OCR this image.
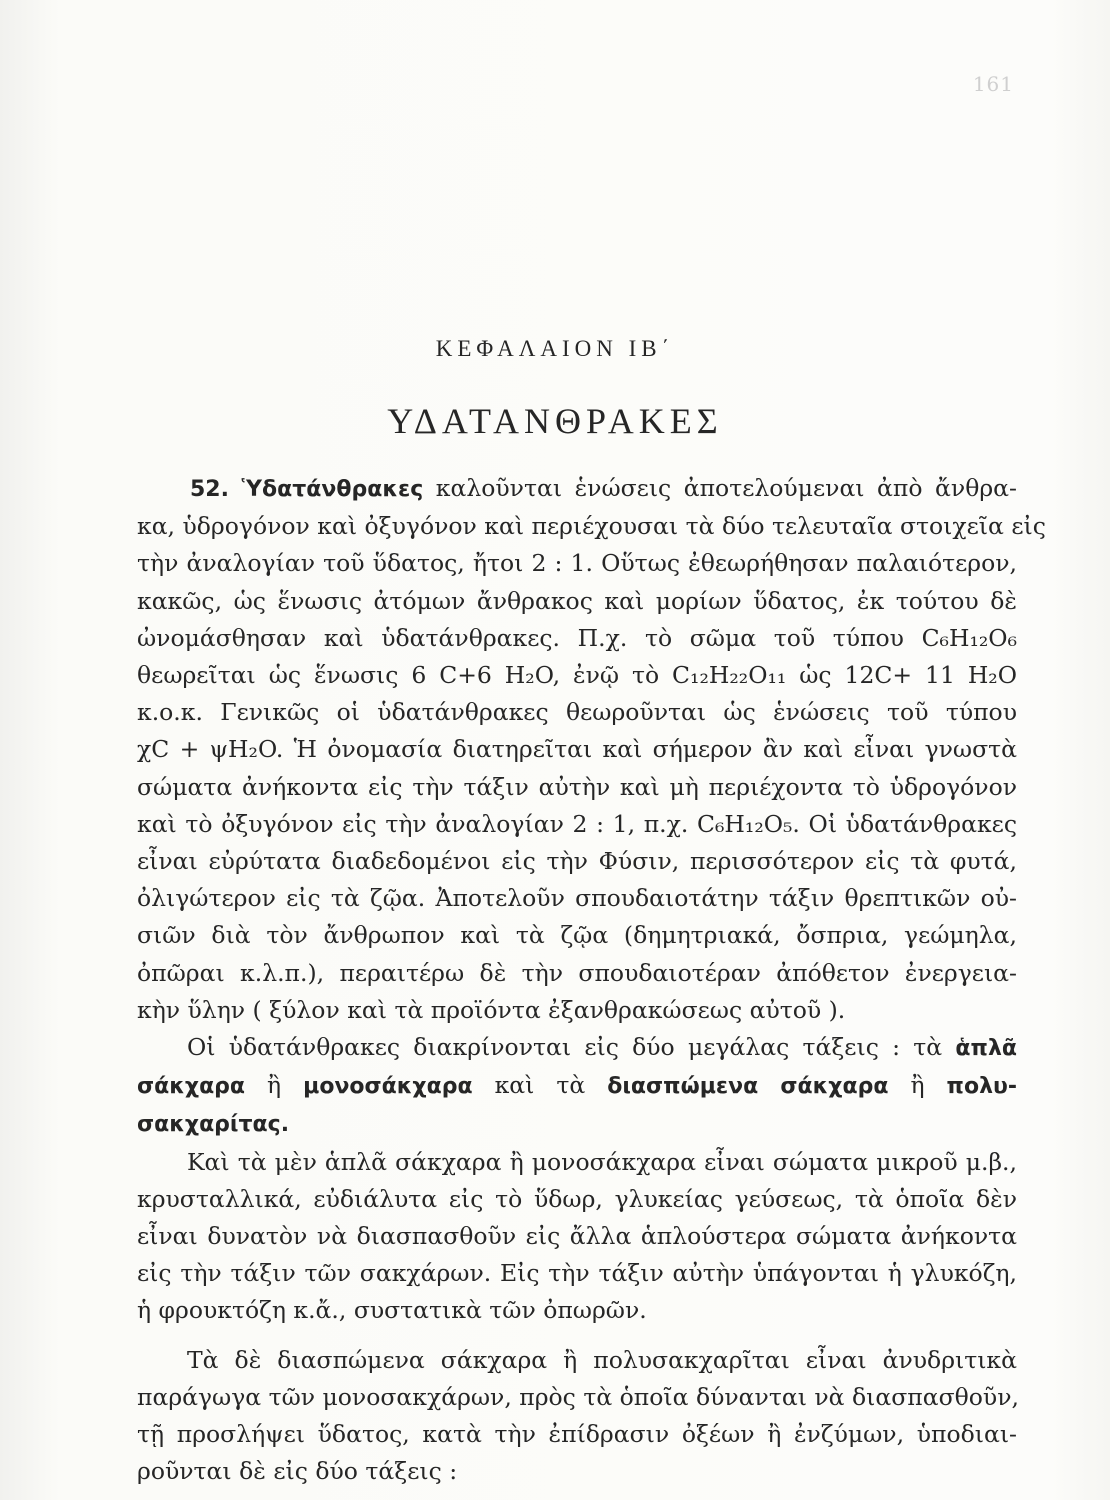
161
ΚΕΦΑΛΑΙΟΝ ΙΒ΄
ΥΔΑΤΑΝΘΡΑΚΕΣ
52. Ὑδατάνθρακες καλοῦνται ἑνώσεις ἀποτελούμεναι ἀπὸ ἄνθρα-
κα, ὑδρογόνον καὶ ὀξυγόνον καὶ περιέχουσαι τὰ δύο τελευταῖα στοιχεῖα εἰς
τὴν ἀναλογίαν τοῦ ὕδατος, ἤτοι 2 : 1. Οὕτως ἐθεωρήθησαν παλαιότερον,
κακῶς, ὡς ἕνωσις ἀτόμων ἄνθρακος καὶ μορίων ὕδατος, ἐκ τούτου δὲ
ὠνομάσθησαν καὶ ὑδατάνθρακες. Π.χ. τὸ σῶμα τοῦ τύπου C₆H₁₂O₆
θεωρεῖται ὡς ἕνωσις 6 C+6 H₂O, ἐνῷ τὸ C₁₂H₂₂O₁₁ ὡς 12C+ 11 H₂O
κ.ο.κ. Γενικῶς οἱ ὑδατάνθρακες θεωροῦνται ὡς ἑνώσεις τοῦ τύπου
χC + ψH₂O. Ἡ ὀνομασία διατηρεῖται καὶ σήμερον ἂν καὶ εἶναι γνωστὰ
σώματα ἀνήκοντα εἰς τὴν τάξιν αὐτὴν καὶ μὴ περιέχοντα τὸ ὑδρογόνον
καὶ τὸ ὀξυγόνον εἰς τὴν ἀναλογίαν 2 : 1, π.χ. C₆H₁₂O₅. Οἱ ὑδατάνθρακες
εἶναι εὐρύτατα διαδεδομένοι εἰς τὴν Φύσιν, περισσότερον εἰς τὰ φυτά,
ὀλιγώτερον εἰς τὰ ζῷα. Ἀποτελοῦν σπουδαιοτάτην τάξιν θρεπτικῶν οὐ-
σιῶν διὰ τὸν ἄνθρωπον καὶ τὰ ζῷα (δημητριακά, ὄσπρια, γεώμηλα,
ὀπῶραι κ.λ.π.), περαιτέρω δὲ τὴν σπουδαιοτέραν ἀπόθετον ἐνεργεια-
κὴν ὕλην ( ξύλον καὶ τὰ προϊόντα ἐξανθρακώσεως αὐτοῦ ).
Οἱ ὑδατάνθρακες διακρίνονται εἰς δύο μεγάλας τάξεις : τὰ ἁπλᾶ
σάκχαρα ἢ μονοσάκχαρα καὶ τὰ διασπώμενα σάκχαρα ἢ πολυ-
σακχαρίτας.
Καὶ τὰ μὲν ἁπλᾶ σάκχαρα ἢ μονοσάκχαρα εἶναι σώματα μικροῦ μ.β.,
κρυσταλλικά, εὐδιάλυτα εἰς τὸ ὕδωρ, γλυκείας γεύσεως, τὰ ὁποῖα δὲν
εἶναι δυνατὸν νὰ διασπασθοῦν εἰς ἄλλα ἁπλούστερα σώματα ἀνήκοντα
εἰς τὴν τάξιν τῶν σακχάρων. Εἰς τὴν τάξιν αὐτὴν ὑπάγονται ἡ γλυκόζη,
ἡ φρουκτόζη κ.ἄ., συστατικὰ τῶν ὀπωρῶν.
Τὰ δὲ διασπώμενα σάκχαρα ἢ πολυσακχαρῖται εἶναι ἀνυδριτικὰ
παράγωγα τῶν μονοσακχάρων, πρὸς τὰ ὁποῖα δύνανται νὰ διασπασθοῦν,
τῇ προσλήψει ὕδατος, κατὰ τὴν ἐπίδρασιν ὀξέων ἢ ἐνζύμων, ὑποδιαι-
ροῦνται δὲ εἰς δύο τάξεις :
